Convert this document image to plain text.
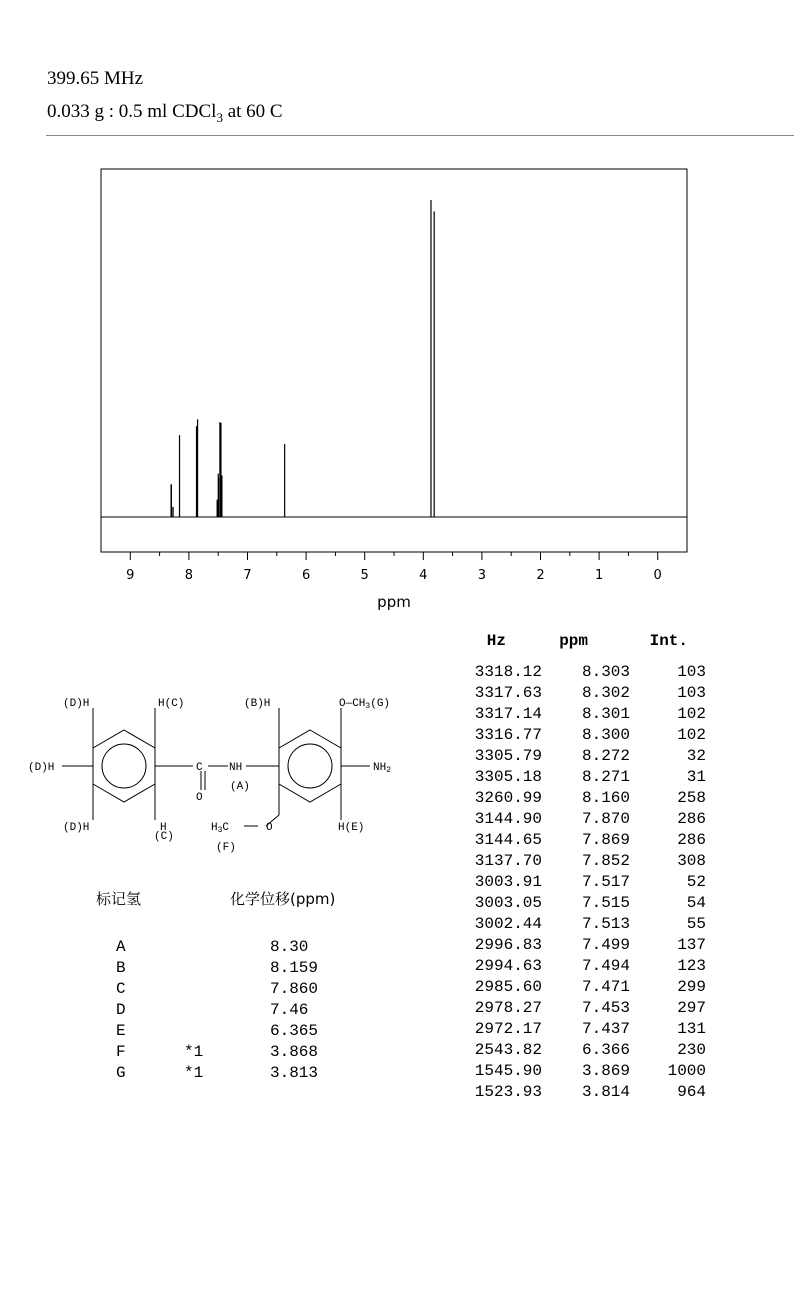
399.65 MHz
0.033 g : 0.5 ml CDCl$_3$ at 60 C
9	8	7	6	5	4	3	2	1	0
ppm
(D)H	H(C)	(B)H	O—CH3(G)
(D)H	C
O
NH
(A)
NH2
(D)H	H
(C)
H3C	O
(F)
H(E)
标记氢	化学位移(ppm)
A	8.30
B	8.159
C	7.860
D	7.46
E	6.365
F	*1	3.868
G	*1	3.813
Hz	ppm	Int.
3318.12	8.303	103
3317.63	8.302	103
3317.14	8.301	102
3316.77	8.300	102
3305.79	8.272	32
3305.18	8.271	31
3260.99	8.160	258
3144.90	7.870	286
3144.65	7.869	286
3137.70	7.852	308
3003.91	7.517	52
3003.05	7.515	54
3002.44	7.513	55
2996.83	7.499	137
2994.63	7.494	123
2985.60	7.471	299
2978.27	7.453	297
2972.17	7.437	131
2543.82	6.366	230
1545.90	3.869	1000
1523.93	3.814	964
